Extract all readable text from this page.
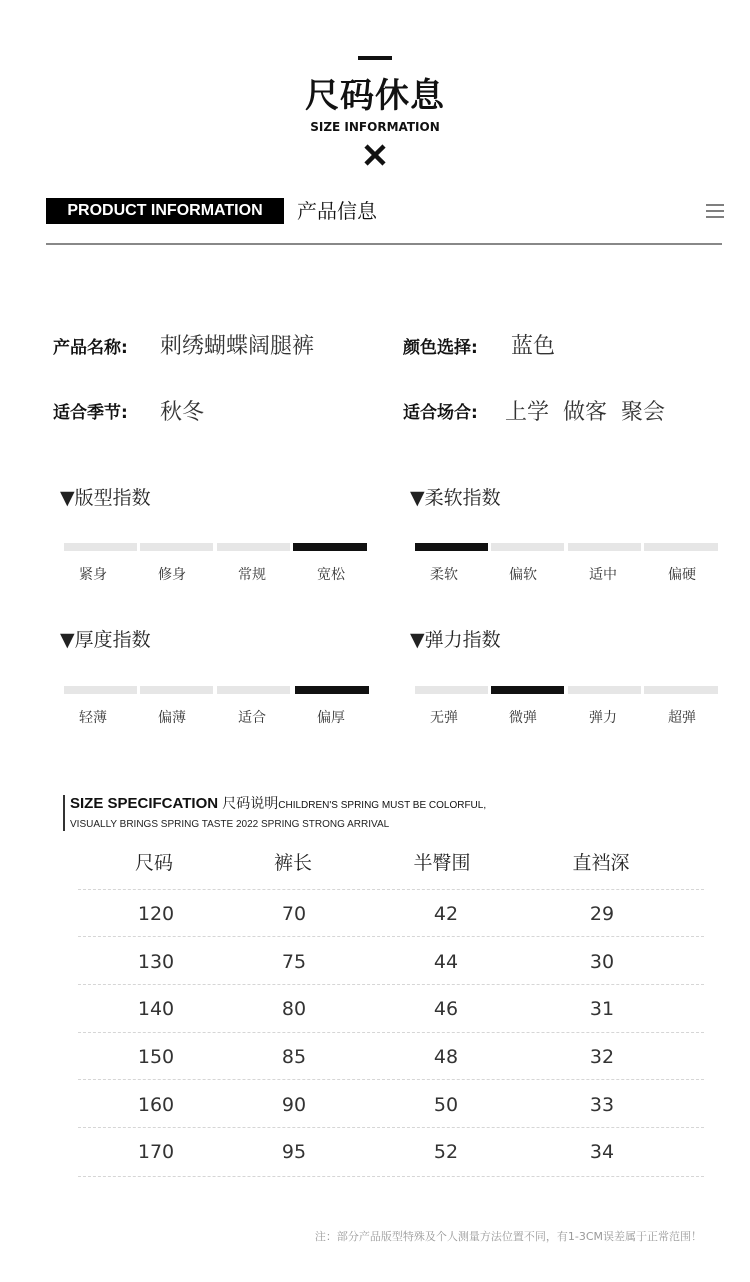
尺码休息
SIZE INFORMATION
PRODUCT INFORMATION	产品信息
产品名称: 刺绣蝴蝶阔腿裤	颜色选择: 蓝色
适合季节: 秋冬	适合场合: 上学  做客  聚会
▼版型指数
紧身	修身	常规	宽松
▼柔软指数
柔软	偏软	适中	偏硬
▼厚度指数
轻薄	偏薄	适合	偏厚
▼弹力指数
无弹	微弹	弹力	超弹
SIZE SPECIFCATION 尺码说明CHILDREN'S SPRING MUST BE COLORFUL,
VISUALLY BRINGS SPRING TASTE 2022 SPRING STRONG ARRIVAL
尺码	裤长	半臀围	直裆深
120	70	42	29
130	75	44	30
140	80	46	31
150	85	48	32
160	90	50	33
170	95	52	34
注：部分产品版型特殊及个人测量方法位置不同，有1-3CM误差属于正常范围！
